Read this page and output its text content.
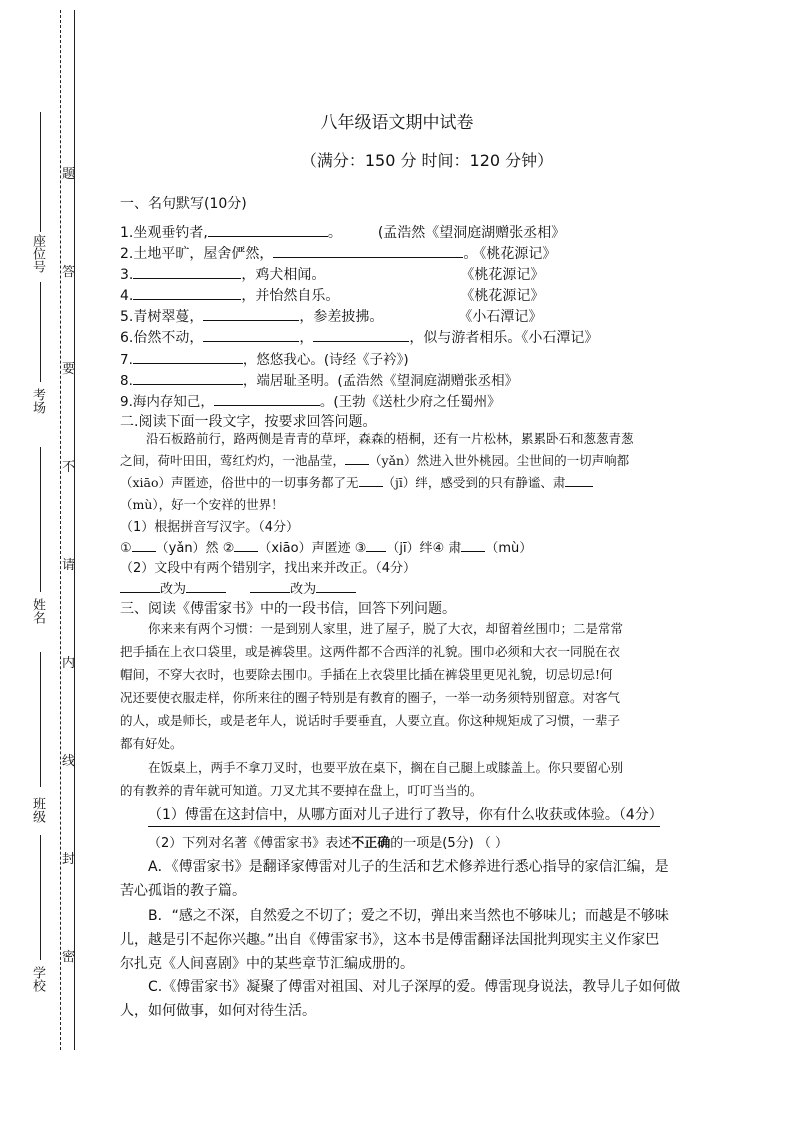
座位号
考场
姓名
班级
学校
题
答
要
不
请
内
线
封
密
八年级语文期中试卷
（满分：150 分 时间：120 分钟）
一、名句默写(10分)
1.坐观垂钓者,	。	(孟浩然《望洞庭湖赠张丞相》
2.土地平旷，屋舍俨然，	。 《桃花源记》
3.	，鸡犬相闻。	《桃花源记》
4.	，并怡然自乐。	《桃花源记》
5.青树翠蔓，	，参差披拂。	《小石潭记》
6.佁然不动，	，	，似与游者相乐。《小石潭记》
7.	，悠悠我心。(诗经《子衿》)
8.	，端居耻圣明。(孟浩然《望洞庭湖赠张丞相》
9.海内存知己，	。(王勃《送杜少府之任蜀州》
二.阅读下面一段文字，按要求回答问题。
沿石板路前行，路两侧是青青的草坪，森森的梧桐，还有一片松林，累累卧石和葱葱青葱
之间，荷叶田田，莺红灼灼，一池晶莹， （yǎn）然进入世外桃园。尘世间的一切声响都
（xiāo）声匿迹，俗世中的一切事务都了无 （jī）绊，感受到的只有静谧、肃
（mù），好一个安祥的世界！
（1）根据拼音写汉字。（4分）
① （yǎn）然 ② （xiāo）声匿迹 ③ （jī）绊④ 肃 （mù）
（2）文段中有两个错别字，找出来并改正。（4分）
改为	改为
三、阅读《傅雷家书》中的一段书信，回答下列问题。
你来来有两个习惯：一是到别人家里，进了屋子，脱了大衣，却留着丝围巾；二是常常
把手插在上衣口袋里，或是裤袋里。这两件都不合西洋的礼貌。围巾必须和大衣一同脱在衣
帽间，不穿大衣时，也要除去围巾。手插在上衣袋里比插在裤袋里更见礼貌，切忌切忌!何
况还要使衣服走样，你所来往的圈子特别是有教育的圈子，一举一动务须特别留意。对客气
的人，或是师长，或是老年人，说话时手要垂直，人要立直。你这种规矩成了习惯，一辈子
都有好处。
在饭桌上，两手不拿刀叉时，也要平放在桌下，搁在自己腿上或膝盖上。你只要留心别
的有教养的青年就可知道。刀叉尤其不要掉在盘上，叮叮当当的。
（1）傅雷在这封信中，从哪方面对儿子进行了教导，你有什么收获或体验。（4分）
（2）下列对名著《傅雷家书》表述不正确的一项是(5分) （ ）
A．《傅雷家书》是翻译家傅雷对儿子的生活和艺术修养进行悉心指导的家信汇编，是
苦心孤诣的教子篇。
B．“感之不深，自然爱之不切了；爱之不切，弹出来当然也不够味儿；而越是不够味
儿，越是引不起你兴趣。”出自《傅雷家书》，这本书是傅雷翻译法国批判现实主义作家巴
尔扎克《人间喜剧》中的某些章节汇编成册的。
C.《傅雷家书》凝聚了傅雷对祖国、对儿子深厚的爱。傅雷现身说法，教导儿子如何做
人，如何做事，如何对待生活。
